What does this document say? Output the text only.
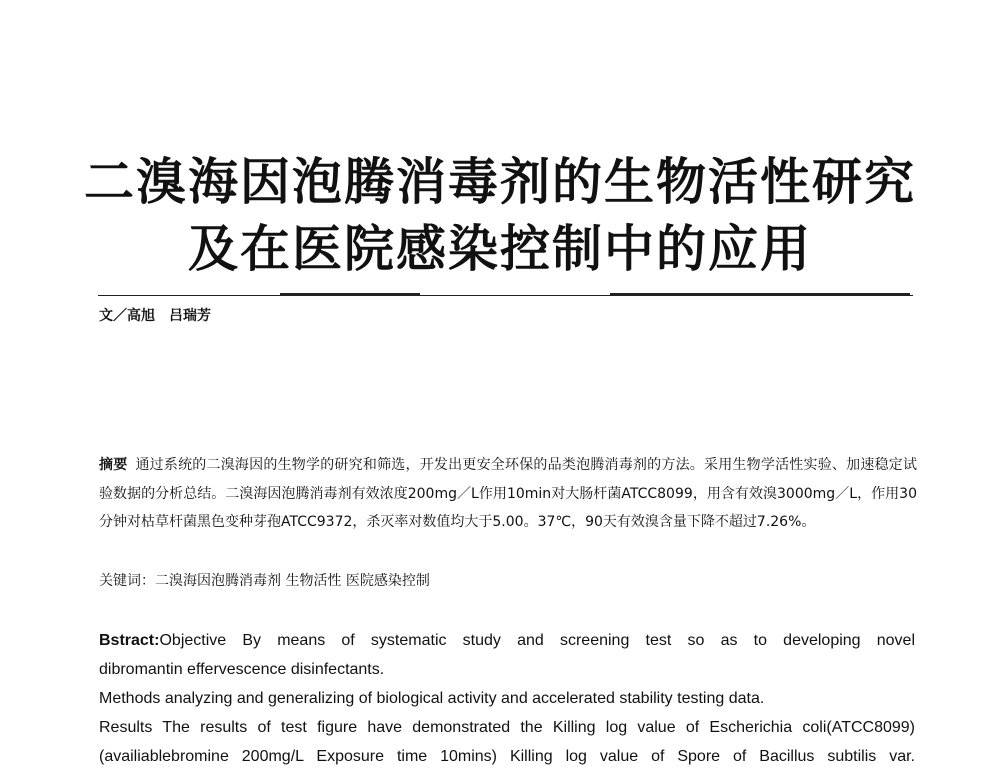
二溴海因泡腾消毒剂的生物活性研究
及在医院感染控制中的应用
文／高旭　吕瑞芳

摘要 通过系统的二溴海因的生物学的研究和筛选，开发出更安全环保的品类泡腾消毒剂的方法。采用生物学活性实验、加速稳定试验数据的分析总结。二溴海因泡腾消毒剂有效浓度200mg／L作用10min对大肠杆菌ATCC8099，用含有效溴3000mg／L，作用30分钟对枯草杆菌黑色变种芽孢ATCC9372，杀灭率对数值均大于5.00。37℃，90天有效溴含量下降不超过7.26%。

关键词：二溴海因泡腾消毒剂 生物活性 医院感染控制

Bstract:Objective By means of systematic study and screening test so as to developing novel

dibromantin effervescence disinfectants.

Methods analyzing and generalizing of biological activity and accelerated stability testing data.

Results The results of test figure have demonstrated the Killing log value of Escherichia coli(ATCC8099)

(availiablebromine 200mg/L Exposure time 10mins) Killing log value of Spore of Bacillus subtilis var.
